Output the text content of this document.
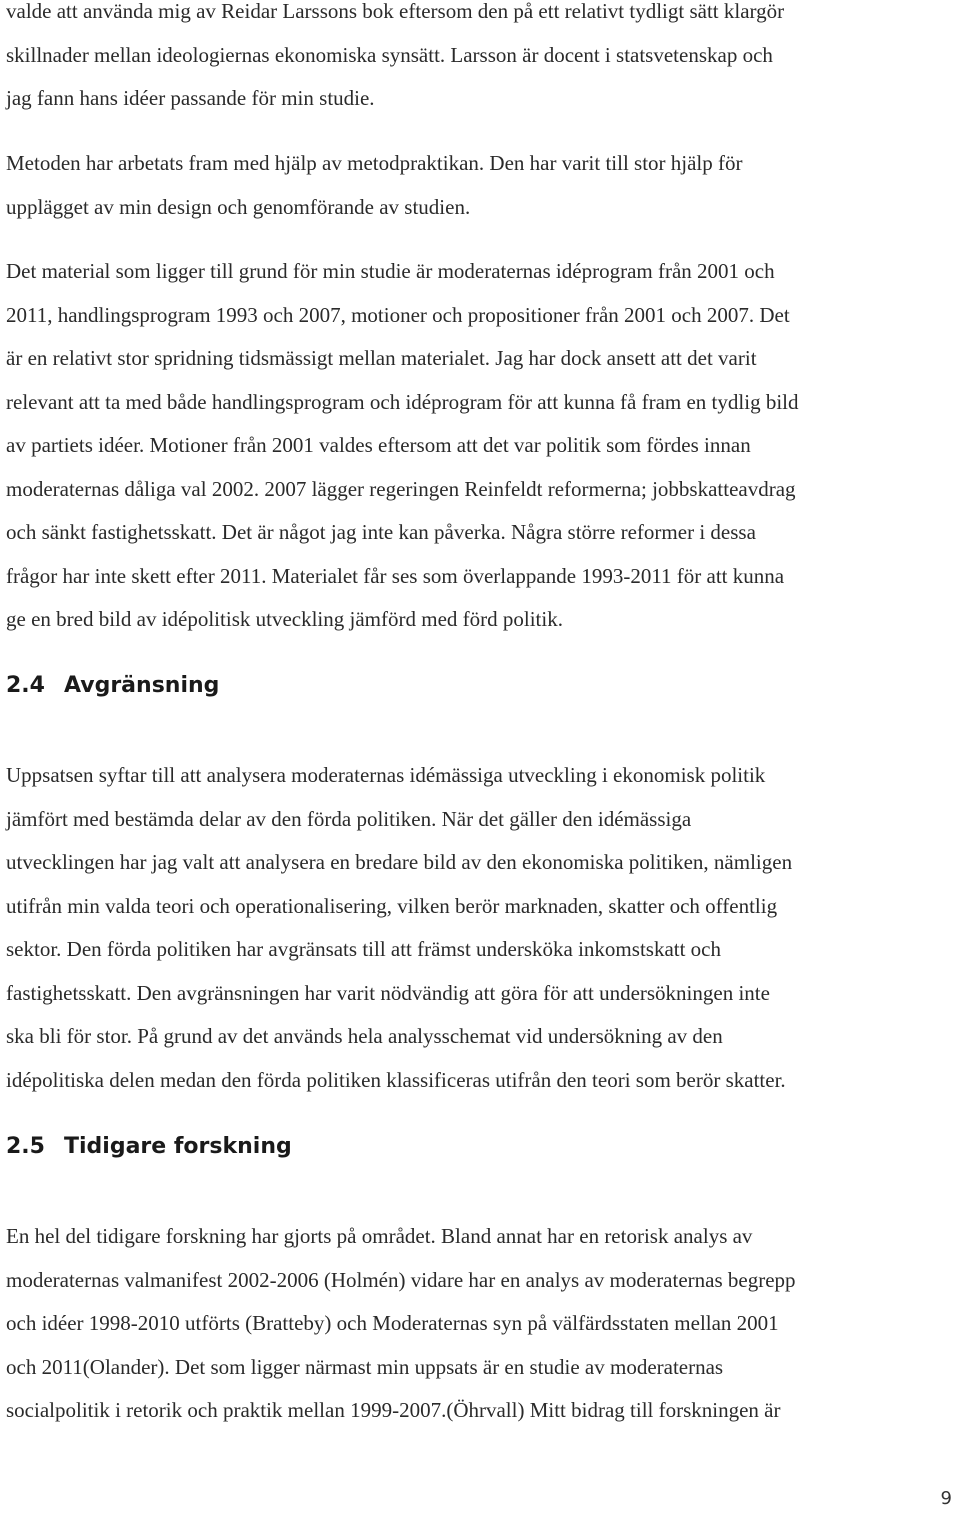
valde att använda mig av Reidar Larssons bok eftersom den på ett relativt tydligt sätt klargör
skillnader mellan ideologiernas ekonomiska synsätt. Larsson är docent i statsvetenskap och
jag fann hans idéer passande för min studie.
Metoden har arbetats fram med hjälp av metodpraktikan. Den har varit till stor hjälp för
upplägget av min design och genomförande av studien.
Det material som ligger till grund för min studie är moderaternas idéprogram från 2001 och
2011, handlingsprogram 1993 och 2007, motioner och propositioner från 2001 och 2007. Det
är en relativt stor spridning tidsmässigt mellan materialet. Jag har dock ansett att det varit
relevant att ta med både handlingsprogram och idéprogram för att kunna få fram en tydlig bild
av partiets idéer. Motioner från 2001 valdes eftersom att det var politik som fördes innan
moderaternas dåliga val 2002. 2007 lägger regeringen Reinfeldt reformerna; jobbskatteavdrag
och sänkt fastighetsskatt. Det är något jag inte kan påverka. Några större reformer i dessa
frågor har inte skett efter 2011. Materialet får ses som överlappande 1993-2011 för att kunna
ge en bred bild av idépolitisk utveckling jämförd med förd politik.
2.4 Avgränsning
Uppsatsen syftar till att analysera moderaternas idémässiga utveckling i ekonomisk politik
jämfört med bestämda delar av den förda politiken. När det gäller den idémässiga
utvecklingen har jag valt att analysera en bredare bild av den ekonomiska politiken, nämligen
utifrån min valda teori och operationalisering, vilken berör marknaden, skatter och offentlig
sektor. Den förda politiken har avgränsats till att främst undersköka inkomstskatt och
fastighetsskatt. Den avgränsningen har varit nödvändig att göra för att undersökningen inte
ska bli för stor. På grund av det används hela analysschemat vid undersökning av den
idépolitiska delen medan den förda politiken klassificeras utifrån den teori som berör skatter.
2.5 Tidigare forskning
En hel del tidigare forskning har gjorts på området. Bland annat har en retorisk analys av
moderaternas valmanifest 2002-2006 (Holmén) vidare har en analys av moderaternas begrepp
och idéer 1998-2010 utförts (Bratteby) och Moderaternas syn på välfärdsstaten mellan 2001
och 2011(Olander). Det som ligger närmast min uppsats är en studie av moderaternas
socialpolitik i retorik och praktik mellan 1999-2007.(Öhrvall) Mitt bidrag till forskningen är
9
